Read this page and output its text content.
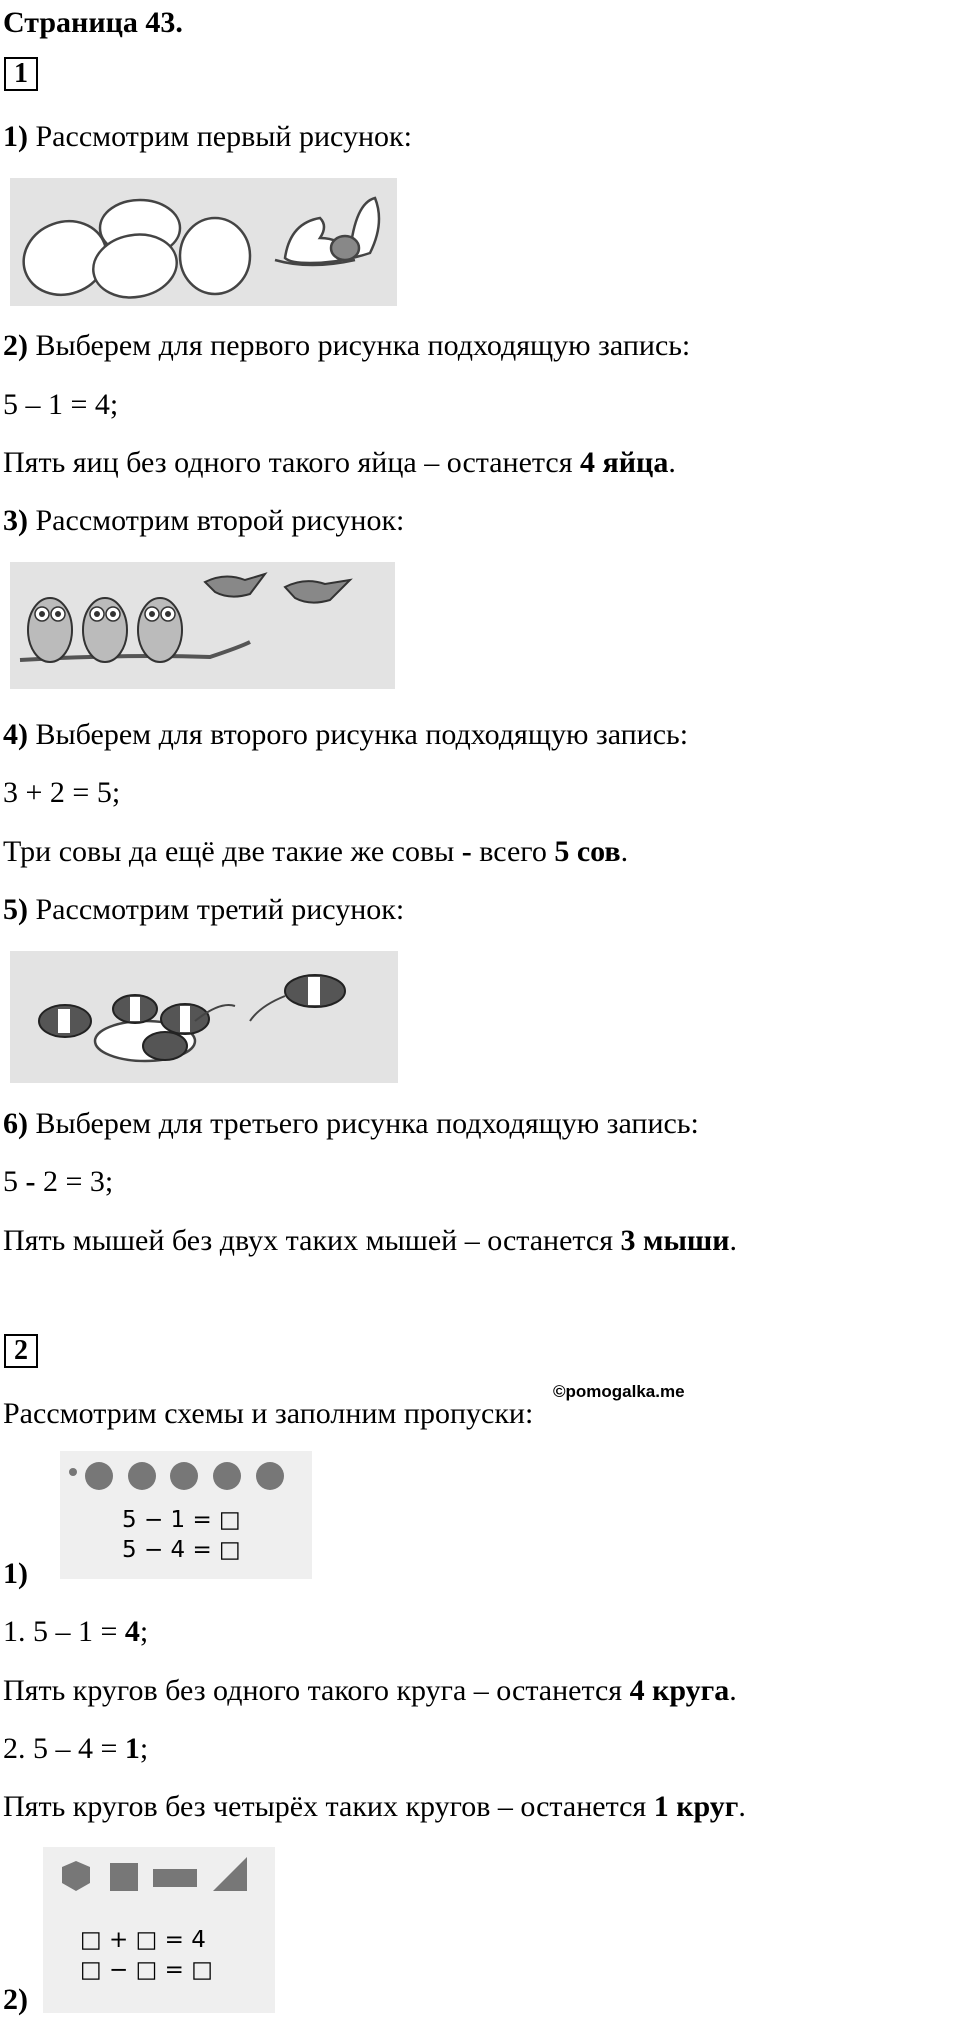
Страница 43.
1
1) Рассмотрим первый рисунок:
2) Выберем для первого рисунка подходящую запись:
5 – 1 = 4;
Пять яиц без одного такого яйца – останется 4 яйца.
3) Рассмотрим второй рисунок:
4) Выберем для второго рисунка подходящую запись:
3 + 2 = 5;
Три совы да ещё две такие же совы - всего 5 сов.
5) Рассмотрим третий рисунок:
6) Выберем для третьего рисунка подходящую запись:
5 - 2 = 3;
Пять мышей без двух таких мышей – останется 3 мыши.
2
©pomogalka.me
Рассмотрим схемы и заполним пропуски:
5 − 1 = □
5 − 4 = □
1)
1. 5 – 1 = 4;
Пять кругов без одного такого круга – останется 4 круга.
2. 5 – 4 = 1;
Пять кругов без четырёх таких кругов – останется 1 круг.
□ + □ = 4
□ − □ = □
2)
